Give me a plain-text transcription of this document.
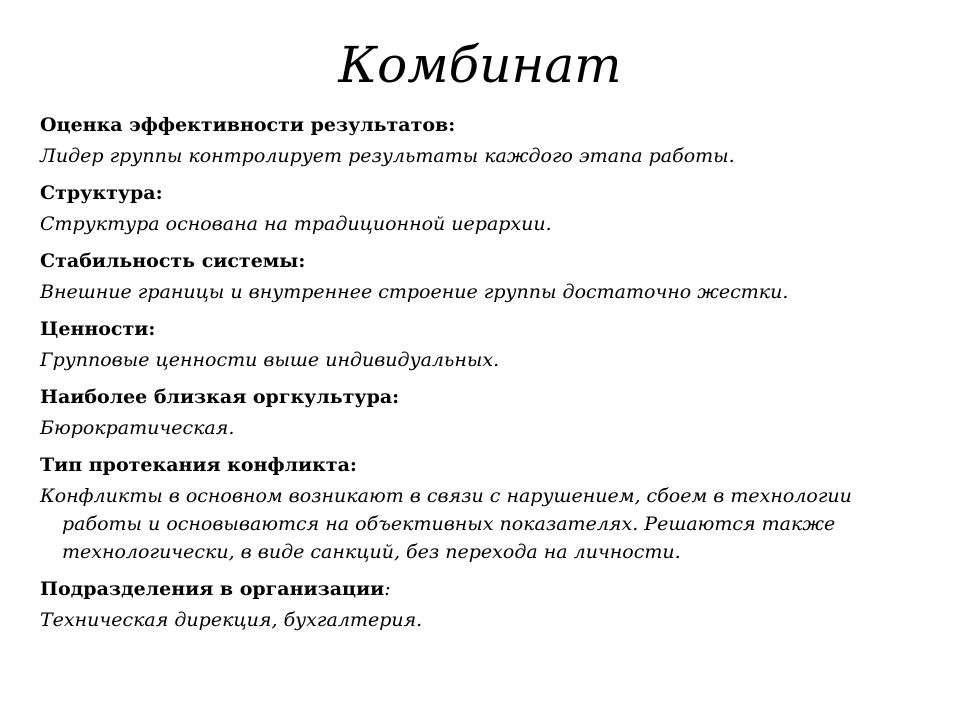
Комбинат
Оценка эффективности результатов:
Лидер группы контролирует результаты каждого этапа работы.
Структура:
Структура основана на традиционной иерархии.
Стабильность системы:
Внешние границы и внутреннее строение группы достаточно жестки.
Ценности:
Групповые ценности выше индивидуальных.
Наиболее близкая оргкультура:
Бюрократическая.
Тип протекания конфликта:
Конфликты в основном возникают в связи с нарушением, сбоем в технологии работы и основываются на объективных показателях. Решаются также технологически, в виде санкций, без перехода на личности.
Подразделения в организации:
Техническая дирекция, бухгалтерия.
